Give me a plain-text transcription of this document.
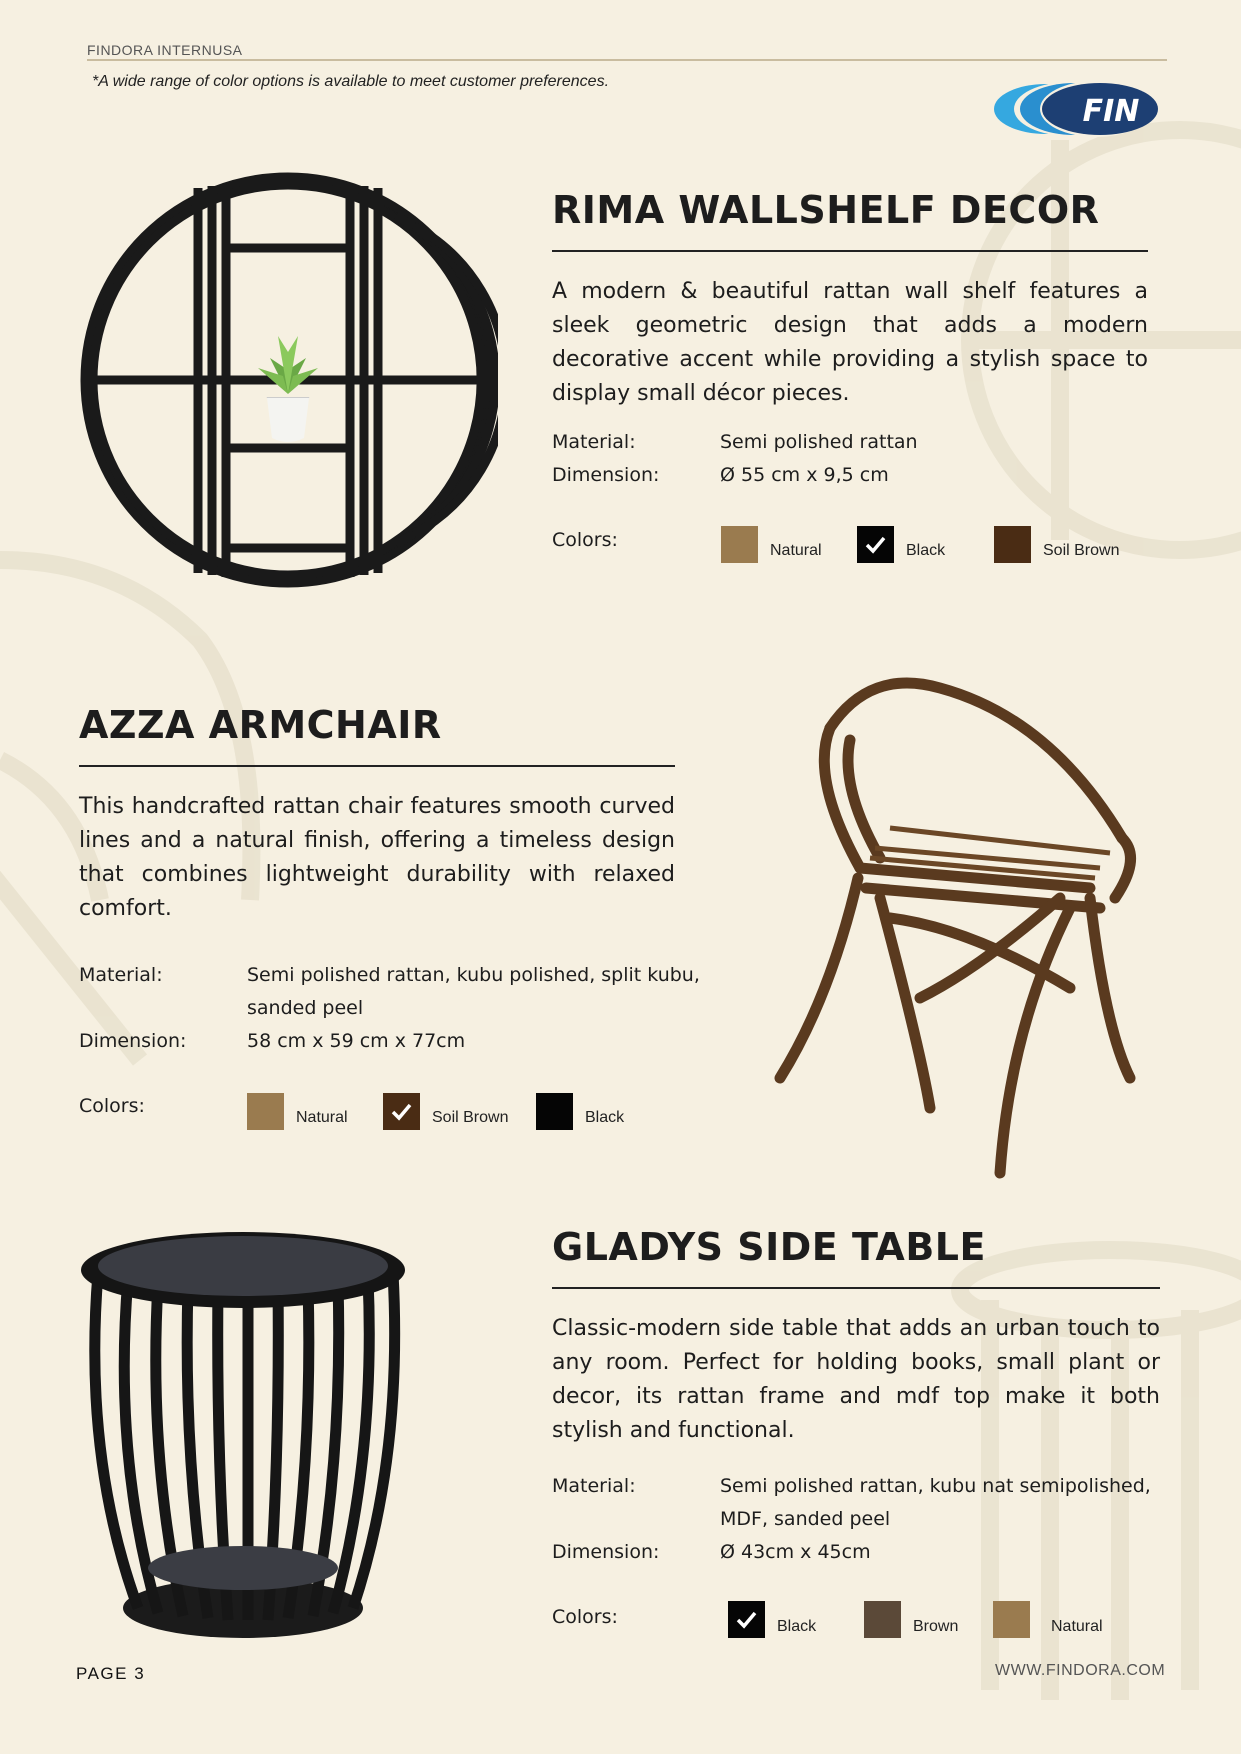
FINDORA INTERNUSA
*A wide range of color options is available to meet customer preferences.
FIN
RIMA WALLSHELF DECOR

A modern & beautiful rattan wall shelf features a sleek geometric design that adds a modern decorative accent while providing a stylish space to display small décor pieces.

Material:	Semi polished rattan
Dimension:	Ø 55 cm x 9,5 cm
Colors:	Natural	Black	Soil Brown
AZZA ARMCHAIR

This handcrafted rattan chair features smooth curved lines and a natural finish, offering a timeless design that combines lightweight durability with relaxed comfort.

Material:	Semi polished rattan, kubu polished, split kubu,
sanded peel
Dimension:	58 cm x 59 cm x 77cm
Colors:
Natural	Soil Brown	Black
GLADYS SIDE TABLE

Classic-modern side table that adds an urban touch to any room. Perfect for holding books, small plant or decor, its rattan frame and mdf top make it both stylish and functional.

Material:	Semi polished rattan, kubu nat semipolished,
MDF, sanded peel
Dimension:	Ø 43cm x 45cm
Colors:	Black	Brown	Natural
PAGE 3	WWW.FINDORA.COM
